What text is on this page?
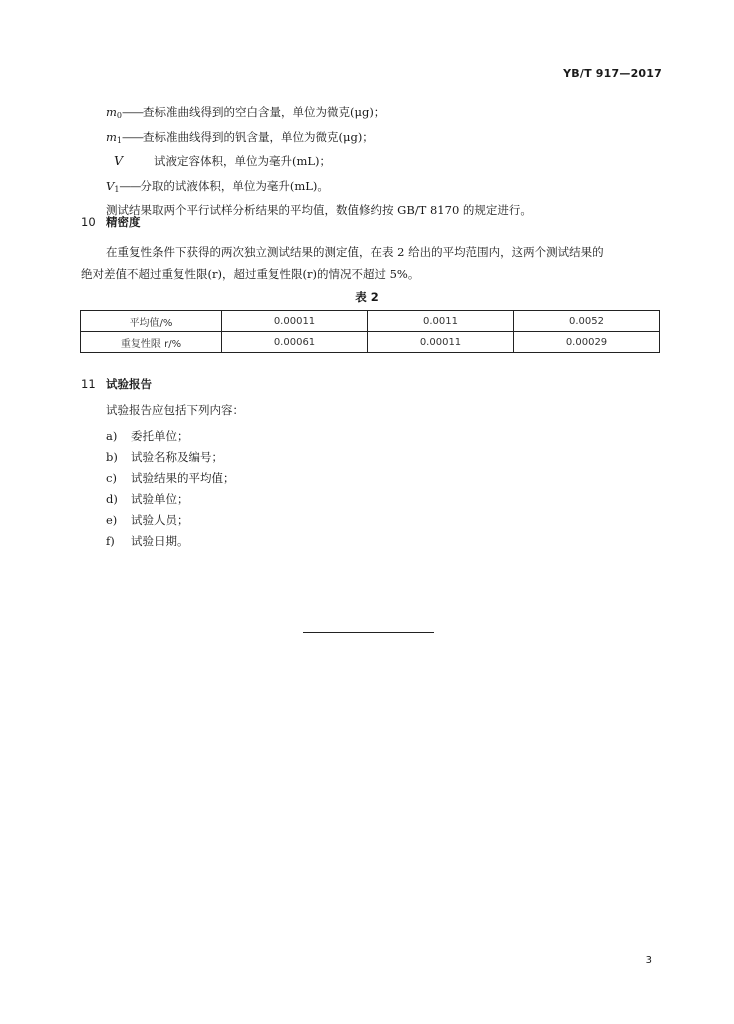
YB/T 917—2017
$m_0——$查标准曲线得到的空白含量，单位为微克(μg)；
$m_1——$查标准曲线得到的钒含量，单位为微克(μg)；
V	试液定容体积，单位为毫升(mL)；
$V_1——$分取的试液体积，单位为毫升(mL)。
测试结果取两个平行试样分析结果的平均值，数值修约按 GB/T 8170 的规定进行。
10 精密度
在重复性条件下获得的两次独立测试结果的测定值，在表 2 给出的平均范围内，这两个测试结果的
绝对差值不超过重复性限(r)，超过重复性限(r)的情况不超过 5%。
表 2
平均值/%	0.00011	0.0011	0.0052
重复性限 r/%	0.00061	0.00011	0.00029
11 试验报告
试验报告应包括下列内容：
a) 委托单位；
b) 试验名称及编号；
c) 试验结果的平均值；
d) 试验单位；
e) 试验人员；
f) 试验日期。
3
